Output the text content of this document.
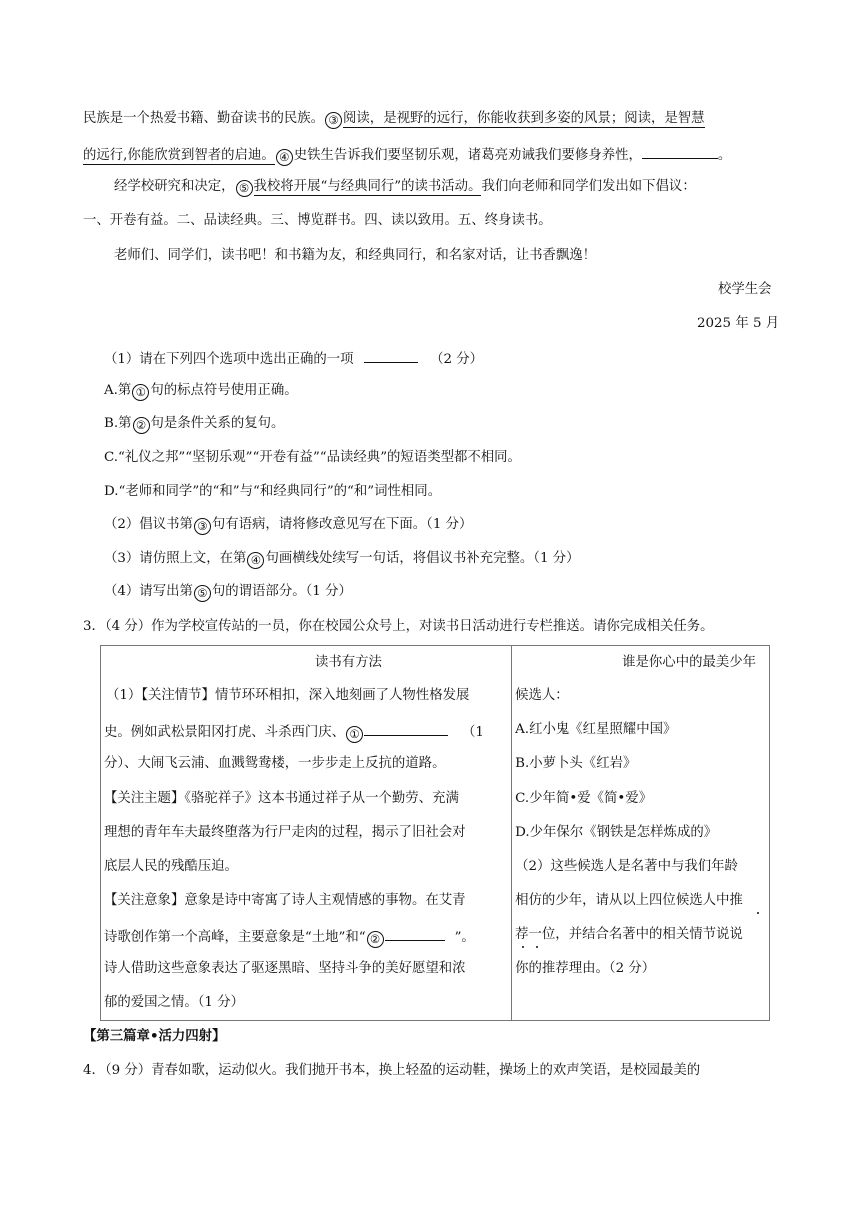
民族是一个热爱书籍、勤奋读书的民族。 ③ 阅读，是视野的远行，你能收获到多姿的风景；阅读，是智慧
的远行,你能欣赏到智者的启迪。 ④ 史铁生告诉我们要坚韧乐观，诸葛亮劝诫我们要修身养性，	。
经学校研究和决定， ⑤ 我校将开展“与经典同行”的读书活动。我们向老师和同学们发出如下倡议：
一、开卷有益。二、品读经典。三、博览群书。四、读以致用。五、终身读书。
老师们、同学们，读书吧！和书籍为友，和经典同行，和名家对话，让书香飘逸！
校学生会
2025 年 5 月
（1）请在下列四个选项中选出正确的一项	（2 分）
A.第 ① 句的标点符号使用正确。
B.第 ② 句是条件关系的复句。
C.“礼仪之邦”“坚韧乐观”“开卷有益”“品读经典”的短语类型都不相同。
D.“老师和同学”的“和”与“和经典同行”的“和”词性相同。
（2）倡议书第 ③ 句有语病，请将修改意见写在下面。（1 分）
（3）请仿照上文，在第 ④ 句画横线处续写一句话，将倡议书补充完整。（1 分）
（4）请写出第 ⑤ 句的谓语部分。（1 分）
3．（4 分）作为学校宣传站的一员，你在校园公众号上，对读书日活动进行专栏推送。请你完成相关任务。
读书有方法
（1）【关注情节】情节环环相扣，深入地刻画了人物性格发展
史。例如武松景阳冈打虎、斗杀西门庆、 ①	（1
分）、大闹飞云浦、血溅鸳鸯楼，一步步走上反抗的道路。
【关注主题】《骆驼祥子》这本书通过祥子从一个勤劳、充满
理想的青年车夫最终堕落为行尸走肉的过程，揭示了旧社会对
底层人民的残酷压迫。
【关注意象】意象是诗中寄寓了诗人主观情感的事物。在艾青
诗歌创作第一个高峰，主要意象是“土地”和“ ②	”。
诗人借助这些意象表达了驱逐黑暗、坚持斗争的美好愿望和浓
郁的爱国之情。（1 分）

谁是你心中的最美少年
候选人：
A.红小鬼《红星照耀中国》
B.小萝卜头《红岩》
C.少年简•爱《简•爱》
D.少年保尔《钢铁是怎样炼成的》
（2）这些候选人是名著中与我们年龄
相仿的少年，请从以上四位候选人中推
荐一位，并结合名著中的相关情节说说
你的推荐理由。（2 分）
【第三篇章•活力四射】
4．（9 分）青春如歌，运动似火。我们抛开书本，换上轻盈的运动鞋，操场上的欢声笑语，是校园最美的
